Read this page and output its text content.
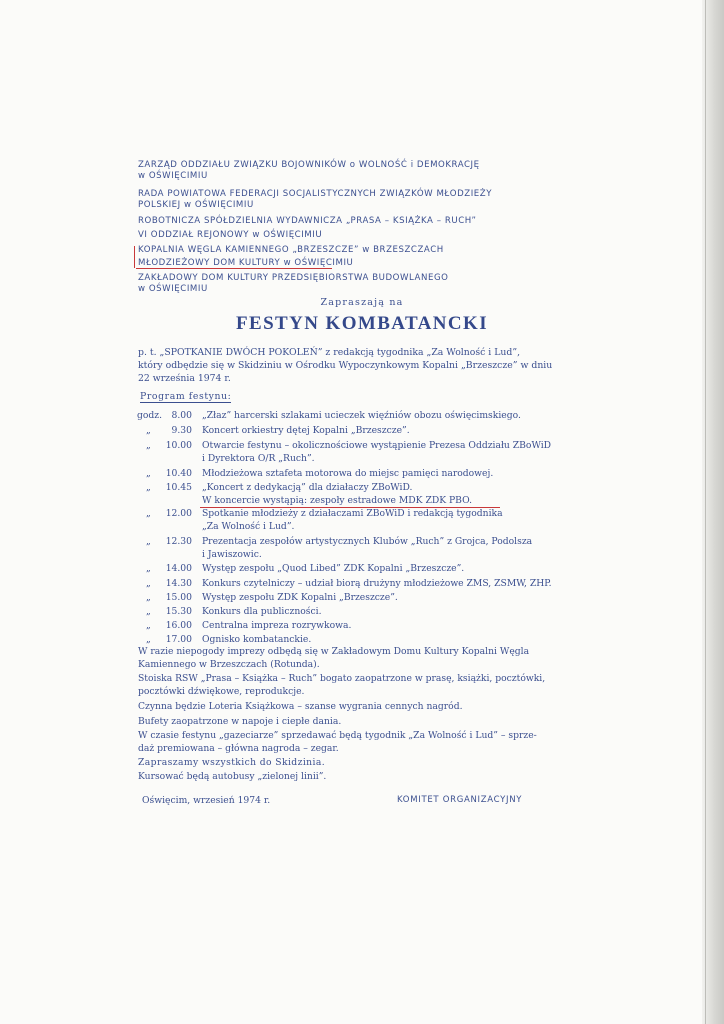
ZARZĄD ODDZIAŁU ZWIĄZKU BOJOWNIKÓW o WOLNOŚĆ i DEMOKRACJĘ
w OŚWIĘCIMIU
RADA POWIATOWA FEDERACJI SOCJALISTYCZNYCH ZWIĄZKÓW MŁODZIEŻY
POLSKIEJ w OŚWIĘCIMIU
ROBOTNICZA SPÓŁDZIELNIA WYDAWNICZA „PRASA – KSIĄŻKA – RUCH”
VI ODDZIAŁ REJONOWY w OŚWIĘCIMIU
KOPALNIA WĘGLA KAMIENNEGO „BRZESZCZE” w BRZESZCZACH
MŁODZIEŻOWY DOM KULTURY w OŚWIĘCIMIU
ZAKŁADOWY DOM KULTURY PRZEDSIĘBIORSTWA BUDOWLANEGO
w OŚWIĘCIMIU
Zapraszają na
FESTYN KOMBATANCKI
p. t. „SPOTKANIE DWÓCH POKOLEŃ” z redakcją tygodnika „Za Wolność i Lud”,
który odbędzie się w Skidziniu w Ośrodku Wypoczynkowym Kopalni „Brzeszcze” w dniu
22 września 1974 r.
Program festynu:
godz.	8.00 „Złaz” harcerski szlakami ucieczek więźniów obozu oświęcimskiego.
„	9.30 Koncert orkiestry dętej Kopalni „Brzeszcze”.
„	10.00 Otwarcie festynu – okolicznościowe wystąpienie Prezesa Oddziału ZBoWiD
i Dyrektora O/R „Ruch”.
„	10.40 Młodzieżowa sztafeta motorowa do miejsc pamięci narodowej.
„	10.45 „Koncert z dedykacją” dla działaczy ZBoWiD.
W koncercie wystąpią: zespoły estradowe MDK ZDK PBO.
„	12.00 Spotkanie młodzieży z działaczami ZBoWiD i redakcją tygodnika
„Za Wolność i Lud”.
„	12.30 Prezentacja zespołów artystycznych Klubów „Ruch” z Grojca, Podolsza
i Jawiszowic.
„	14.00 Występ zespołu „Quod Libed” ZDK Kopalni „Brzeszcze”.
„	14.30 Konkurs czytelniczy – udział biorą drużyny młodzieżowe ZMS, ZSMW, ZHP.
„	15.00 Występ zespołu ZDK Kopalni „Brzeszcze”.
„	15.30 Konkurs dla publiczności.
„	16.00 Centralna impreza rozrywkowa.
„	17.00 Ognisko kombatanckie.
W razie niepogody imprezy odbędą się w Zakładowym Domu Kultury Kopalni Węgla
Kamiennego w Brzeszczach (Rotunda).
Stoiska RSW „Prasa – Książka – Ruch” bogato zaopatrzone w prasę, książki, pocztówki,
pocztówki dźwiękowe, reprodukcje.
Czynna będzie Loteria Książkowa – szanse wygrania cennych nagród.
Bufety zaopatrzone w napoje i ciepłe dania.
W czasie festynu „gazeciarze” sprzedawać będą tygodnik „Za Wolność i Lud” – sprze-
daż premiowana – główna nagroda – zegar.
Zapraszamy wszystkich do Skidzinia.
Kursować będą autobusy „zielonej linii”.
Oświęcim, wrzesień 1974 r.	KOMITET ORGANIZACYJNY
